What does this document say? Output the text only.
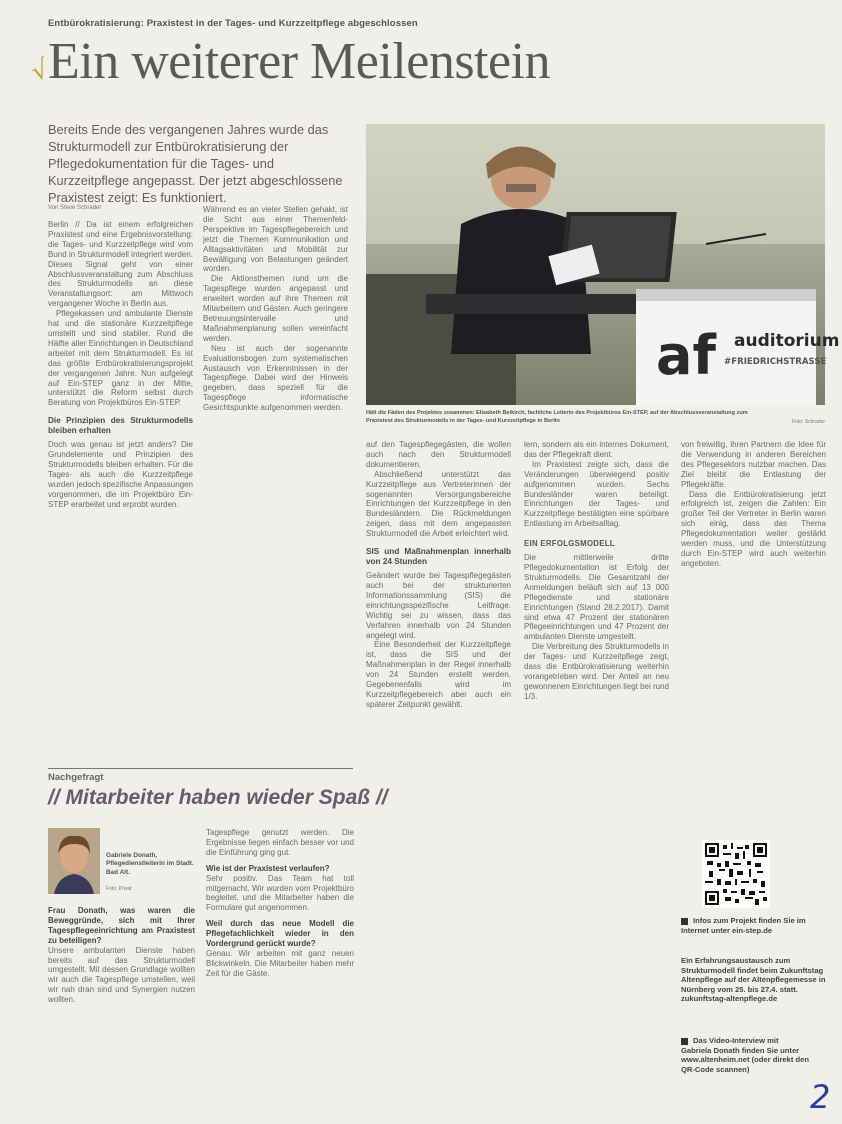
√
Entbürokratisierung: Praxistest in der Tages- und Kurzzeitpflege abgeschlossen
Ein weiterer Meilenstein
Bereits Ende des vergangenen Jahres wurde das Strukturmodell zur Entbürokratisierung der Pflegedokumentation für die Tages- und Kurzzeitpflege angepasst. Der jetzt abgeschlossene Praxistest zeigt: Es funktioniert.
Von Steve Schrader
af auditorium
#FRIEDRICHSTRASSE
Hält die Fäden des Projektes zusammen: Elisabeth Beikirch, fachliche Leiterin des Projektbüros Ein-STEP, auf der Abschlussveranstaltung zum Praxistest des Strukturmodells in der Tages- und Kurzzeitpflege in Berlin	Foto: Schrader

Berlin // Da ist einem erfolgreichen Praxistest und eine Ergebnisvorstellung: die Tages- und Kurzzeitpflege wird vom Bund in Strukturmodell integriert werden. Dieses Signal geht von einer Abschlussveranstaltung zum Abschluss des Strukturmodells an diese Veranstaltungsort: am Mittwoch vergangener Woche in Berlin aus.

Pflegekassen und ambulante Dienste hat und die stationäre Kurzzeitpflege umstellt und sind stabiler. Rund die Hälfte aller Einrichtungen in Deutschland arbeitet mit dem Strukturmodell. Es ist das größte Entbürokratisierungsprojekt der vergangenen Jahre. Nun aufgelegt auf Ein-STEP ganz in der Mitte, unterstützt die Reform selbst durch Beratung von Projektbüros Ein-STEP.

Die Prinzipien des Strukturmodells bleiben erhalten

Doch was genau ist jetzt anders? Die Grundelemente und Prinzipien des Strukturmodells bleiben erhalten. Für die Tages- als auch die Kurzzeitpflege wurden jedoch spezifische Anpassungen vorgenommen, die im Projektbüro Ein-STEP erarbeitet und erprobt wurden.

Während es an vieler Stellen gehakt, ist die Sicht aus einer Themenfeld-Perspektive im Tagespflegebereich und jetzt die Themen Kommunikation und Alltagsaktivitäten und Mobilität zur Bewältigung von Belastungen geändert worden.

Die Aktionsthemen rund um die Tagespflege wurden angepasst und erweitert worden auf ihre Themen mit Mitarbeitern und Gästen. Auch geringere Betreuungsintervalle und Maßnahmenplanung sollen vereinfacht werden.

Neu ist auch der sogenannte Evaluationsbogen zum systematischen Austausch von Erkenntnissen in der Tagespflege. Dabei wird der Hinweis gegeben, dass speziell für die Tagespflege informatische Gesichtspunkte aufgenommen werden.

auf den Tagespflegegästen, die wollen auch nach den Strukturmodell dokumentieren.

Abschließend unterstützt das Kurzzeitpflege aus Vertreterinnen der sogenannten Versorgungsbereiche Einrichtungen der Kurzzeitpflege in den Bundesländern. Die Rückmeldungen zeigen, dass mit dem angepassten Strukturmodell die Arbeit erleichtert wird.

SIS und Maßnahmenplan innerhalb von 24 Stunden

Geändert wurde bei Tagespflegegästen auch bei der strukturierten Informationssammlung (SIS) die einrichtungsspezifische Leitfrage. Wichtig sei zu wissen, dass das Verfahren innerhalb von 24 Stunden angelegt wird.

Eine Besonderheit der Kurzzeitpflege ist, dass die SIS und der Maßnahmenplan in der Regel innerhalb von 24 Stunden erstellt werden. Gegebenenfalls wird im Kurzzeitpflegebereich aber auch ein späterer Zeitpunkt gewählt.

lern, sondern als ein internes Dokument, das der Pflegekraft dient.

Im Praxistest zeigte sich, dass die Veränderungen überwiegend positiv aufgenommen wurden. Sechs Bundesländer waren beteiligt. Einrichtungen der Tages- und Kurzzeitpflege bestätigten eine spürbare Entlastung im Arbeitsalltag.

EIN ERFOLGSMODELL

Die mittlerweile dritte Pflegedokumentation ist Erfolg der Strukturmodells. Die Gesamtzahl der Anmeldungen beläuft sich auf 13 000 Pflegedienste und stationäre Einrichtungen (Stand 28.2.2017). Damit sind etwa 47 Prozent der stationären Pflegeeinrichtungen und 47 Prozent der ambulanten Dienste umgestellt.

Die Verbreitung des Strukturmodells in der Tages- und Kurzzeitpflege zeigt, dass die Entbürokratisierung weiterhin vorangetrieben wird. Der Anteil an neu gewonnenen Einrichtungen liegt bei rund 1/3.

von freiwillig, ihren Partnern die Idee für die Verwendung in anderen Bereichen des Pflegesektors nutzbar machen. Das Ziel bleibt die Entlastung der Pflegekräfte.

Dass die Entbürokratisierung jetzt erfolgreich ist, zeigen die Zahlen: Ein großer Teil der Vertreter in Berlin waren sich einig, dass das Thema Pflegedokumentation weiter gestärkt werden muss, und die Unterstützung durch Ein-STEP wird auch weiterhin angeboten.

Infos zum Projekt finden Sie im Internet unter ein-step.de
Ein Erfahrungsaustausch zum Strukturmodell findet beim Zukunftstag Altenpflege auf der Altenpflegemesse in Nürnberg vom 25. bis 27.4. statt. zukunftstag-altenpflege.de
Das Video-Interview mit Gabriela Donath finden Sie unter www.altenheim.net (oder direkt den QR-Code scannen)
Nachgefragt
// Mitarbeiter haben wieder Spaß //
Gabriele Donath, Pflegedienstleiterin im Stadt. Bad Alt.
Foto: Privat
Frau Donath, was waren die Beweggründe, sich mit Ihrer Tagespflegeeinrichtung am Praxistest zu beteiligen?

Unsere ambulanten Dienste haben bereits auf das Strukturmodell umgestellt. Mit dessen Grundlage wollten wir auch die Tagespflege umstellen, weil wir nah dran sind und Synergien nutzen wollten.

Tagespflege genutzt werden. Die Ergebnisse liegen einfach besser vor und die Einführung ging gut.

Wie ist der Praxistest verlaufen?

Sehr positiv. Das Team hat toll mitgemacht. Wir wurden vom Projektbüro begleitet, und die Mitarbeiter haben die Formulare gut angenommen.

Weil durch das neue Modell die Pflegefachlichkeit wieder in den Vordergrund gerückt wurde?

Genau. Wir arbeiten mit ganz neuen Blickwinkeln. Die Mitarbeiter haben mehr Zeit für die Gäste.

2
